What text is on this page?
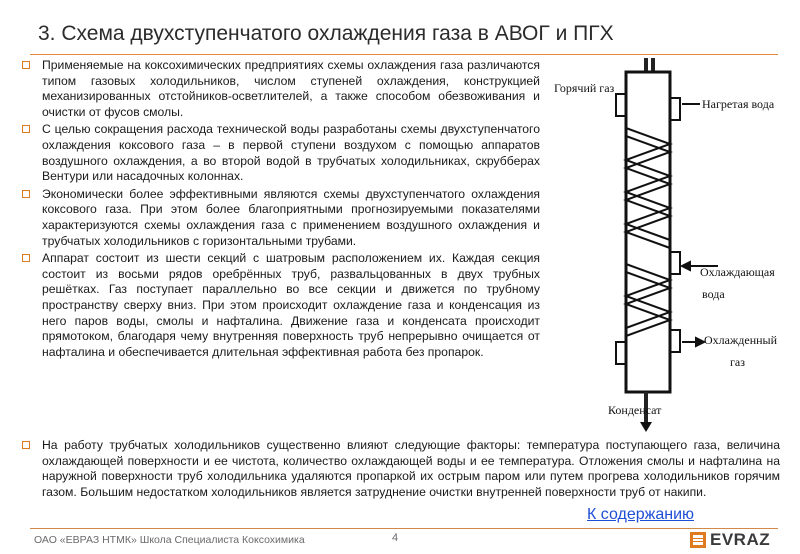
3. Схема двухступенчатого охлаждения газа в АВОГ и ПГХ
Применяемые на коксохимических предприятиях схемы охлаждения газа различаются типом газовых холодильников, числом ступеней охлаждения, конструкцией механизированных отстойников-осветлителей, а также способом обезвоживания и очистки от фусов смолы.
С целью сокращения расхода технической воды разработаны схемы двухступенчатого охлаждения коксового газа – в первой ступени воздухом с помощью аппаратов воздушного охлаждения, а во второй водой в трубчатых холодильниках, скрубберах Вентури или насадочных колоннах.
Экономически более эффективными являются схемы двухступенчатого охлаждения коксового газа. При этом более благоприятными прогнозируемыми показателями характеризуются схемы охлаждения газа с применением воздушного охлаждения и трубчатых холодильников с горизонтальными трубами.
Аппарат состоит из шести секций с шатровым расположением их. Каждая секция состоит из восьми рядов оребрённых труб, развальцованных в двух трубных решётках. Газ поступает параллельно во все секции и движется по трубному пространству сверху вниз. При этом происходит охлаждение газа и конденсация из него паров воды, смолы и нафталина. Движение газа и конденсата происходит прямотоком, благодаря чему внутренняя поверхность труб непрерывно очищается от нафталина и обеспечивается длительная эффективная работа без пропарок.
Горячий газ
Нагретая вода
Охлаждающая
вода
Охлажденный
газ
Конденсат
На работу трубчатых холодильников существенно влияют следующие факторы: температура поступающего газа, величина охлаждающей поверхности и ее чистота, количество охлаждающей воды и ее температура. Отложения смолы и нафталина на наружной поверхности труб холодильника удаляются пропаркой их острым паром или путем прогрева холодильников горячим газом. Большим недостатком холодильников является затруднение очистки внутренней поверхности труб от накипи.
К содержанию
ОАО «ЕВРАЗ НТМК» Школа Специалиста Коксохимика	4	EVRAZ
